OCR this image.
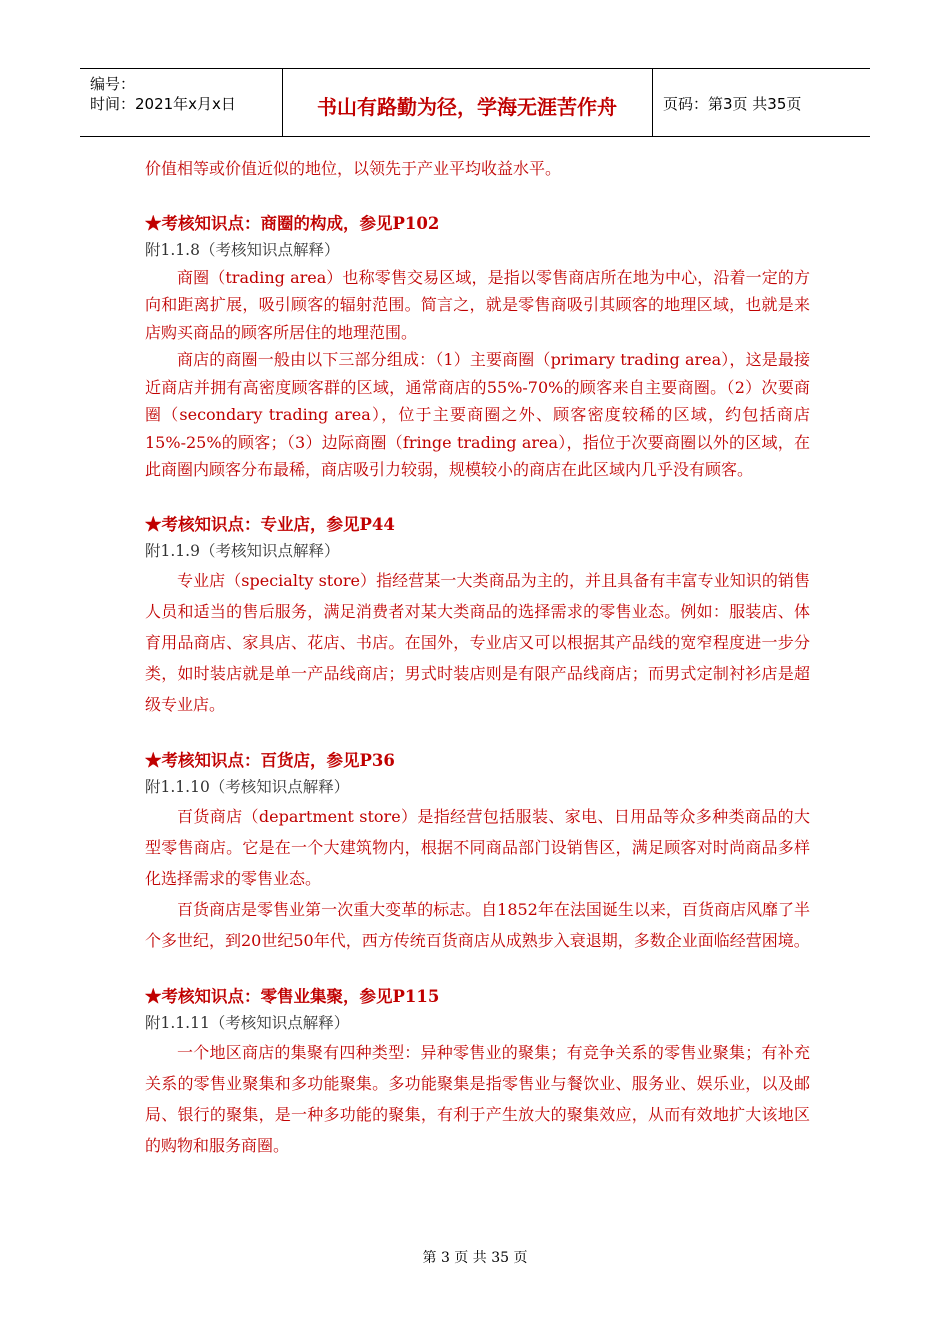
编号：
时间：2021年x月x日	书山有路勤为径，学海无涯苦作舟	页码：第3页 共35页

价值相等或价值近似的地位，以领先于产业平均收益水平。

★考核知识点：商圈的构成，参见P102

附1.1.8（考核知识点解释）

商圈（trading area）也称零售交易区域，是指以零售商店所在地为中心，沿着一定的方向和距离扩展，吸引顾客的辐射范围。简言之，就是零售商吸引其顾客的地理区域，也就是来店购买商品的顾客所居住的地理范围。

商店的商圈一般由以下三部分组成：（1）主要商圈（primary trading area），这是最接近商店并拥有高密度顾客群的区域，通常商店的55%-70%的顾客来自主要商圈。（2）次要商圈（secondary trading area），位于主要商圈之外、顾客密度较稀的区域，约包括商店15%-25%的顾客；（3）边际商圈（fringe trading area），指位于次要商圈以外的区域，在此商圈内顾客分布最稀，商店吸引力较弱，规模较小的商店在此区域内几乎没有顾客。

★考核知识点：专业店，参见P44

附1.1.9（考核知识点解释）

专业店（specialty store）指经营某一大类商品为主的，并且具备有丰富专业知识的销售人员和适当的售后服务，满足消费者对某大类商品的选择需求的零售业态。例如：服装店、体育用品商店、家具店、花店、书店。在国外，专业店又可以根据其产品线的宽窄程度进一步分类，如时装店就是单一产品线商店；男式时装店则是有限产品线商店；而男式定制衬衫店是超级专业店。

★考核知识点：百货店，参见P36

附1.1.10（考核知识点解释）

百货商店（department store）是指经营包括服装、家电、日用品等众多种类商品的大型零售商店。它是在一个大建筑物内，根据不同商品部门设销售区，满足顾客对时尚商品多样化选择需求的零售业态。

百货商店是零售业第一次重大变革的标志。自1852年在法国诞生以来，百货商店风靡了半个多世纪，到20世纪50年代，西方传统百货商店从成熟步入衰退期，多数企业面临经营困境。

★考核知识点：零售业集聚，参见P115

附1.1.11（考核知识点解释）

一个地区商店的集聚有四种类型：异种零售业的聚集；有竞争关系的零售业聚集；有补充关系的零售业聚集和多功能聚集。多功能聚集是指零售业与餐饮业、服务业、娱乐业，以及邮局、银行的聚集，是一种多功能的聚集，有利于产生放大的聚集效应，从而有效地扩大该地区的购物和服务商圈。

第 3 页 共 35 页
